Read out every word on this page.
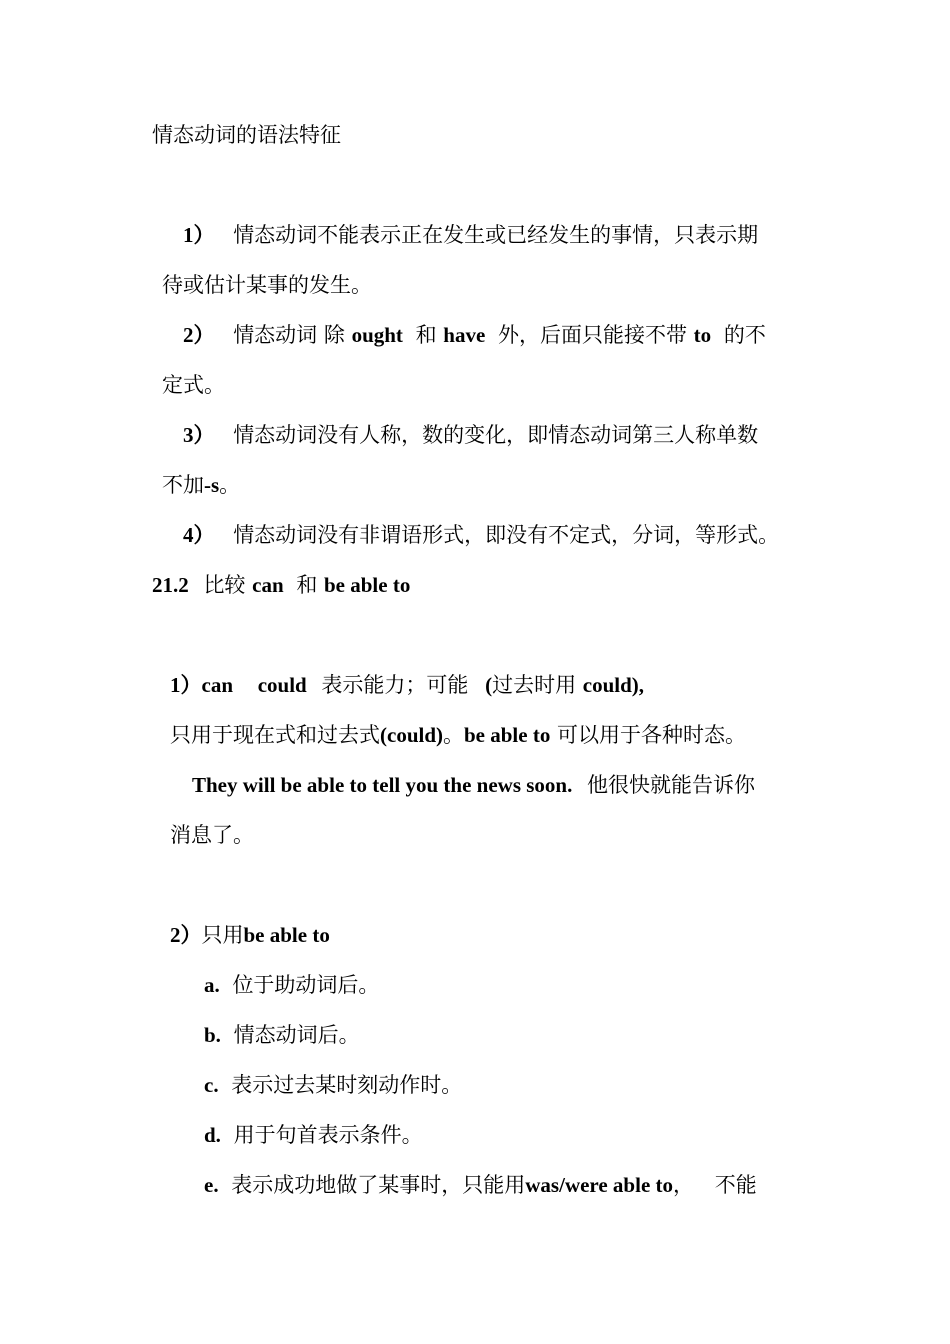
情态动词的语法特征
1） 情态动词不能表示正在发生或已经发生的事情，只表示期
待或估计某事的发生。
2） 情态动词 除 ought 和 have 外，后面只能接不带 to 的不
定式。
3） 情态动词没有人称，数的变化，即情态动词第三人称单数
不加-s。
4） 情态动词没有非谓语形式，即没有不定式，分词，等形式。
21.2 比较 can 和 be able to
1）can could 表示能力；可能 (过去时用 could),
只用于现在式和过去式(could)。be able to 可以用于各种时态。
They will be able to tell you the news soon. 他很快就能告诉你
消息了。
2）只用be able to
a. 位于助动词后。
b. 情态动词后。
c. 表示过去某时刻动作时。
d. 用于句首表示条件。
e. 表示成功地做了某事时，只能用was/were able to， 不能
